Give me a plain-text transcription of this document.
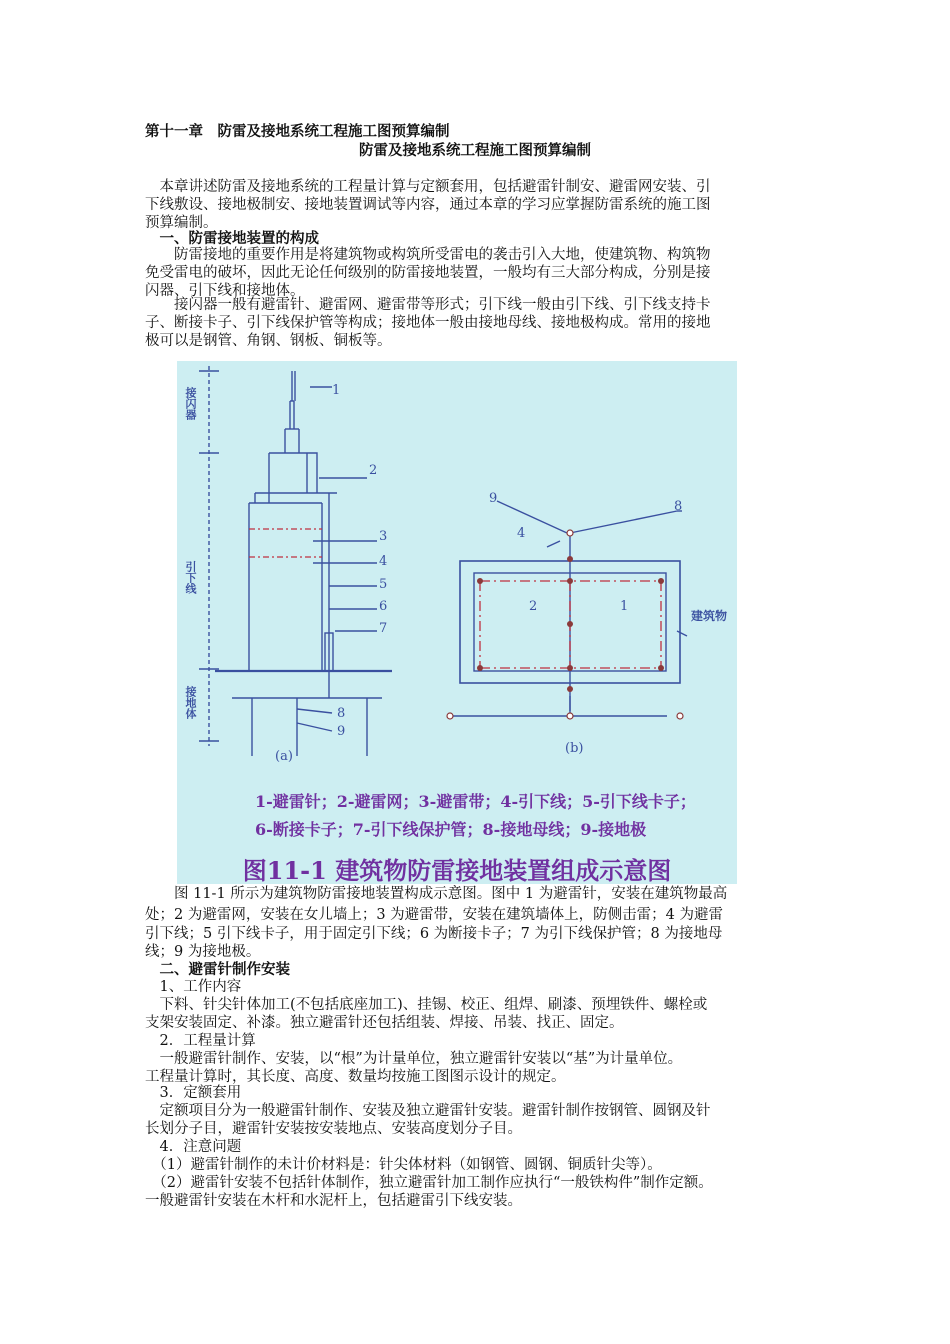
第十一章　防雷及接地系统工程施工图预算编制
防雷及接地系统工程施工图预算编制
　本章讲述防雷及接地系统的工程量计算与定额套用，包括避雷针制安、避雷网安装、引
下线敷设、接地极制安、接地装置调试等内容，通过本章的学习应掌握防雷系统的施工图
预算编制。
　一、防雷接地装置的构成
　　防雷接地的重要作用是将建筑物或构筑所受雷电的袭击引入大地，使建筑物、构筑物
免受雷电的破坏，因此无论任何级别的防雷接地装置，一般均有三大部分构成，分别是接
闪器、引下线和接地体。
　　接闪器一般有避雷针、避雷网、避雷带等形式；引下线一般由引下线、引下线支持卡
子、断接卡子、引下线保护管等构成；接地体一般由接地母线、接地极构成。常用的接地
极可以是钢管、角钢、钢板、铜板等。
接闪器
引下线
接地体
1
2
3
4
5
6
7
8
9
9
8
4
2	1
建筑物
(a)
(b)
1-避雷针；2-避雷网；3-避雷带；4-引下线；5-引下线卡子；
6-断接卡子；7-引下线保护管；8-接地母线；9-接地极
图11-1 建筑物防雷接地装置组成示意图
　　图 11-1 所示为建筑物防雷接地装置构成示意图。图中 1 为避雷针，安装在建筑物最高
处；2 为避雷网，安装在女儿墙上；3 为避雷带，安装在建筑墙体上，防侧击雷；4 为避雷
引下线；5 引下线卡子，用于固定引下线；6 为断接卡子；7 为引下线保护管；8 为接地母
线；9 为接地极。
　二、避雷针制作安装
　1、工作内容
　下料、针尖针体加工(不包括底座加工)、挂锡、校正、组焊、刷漆、预埋铁件、螺栓或
支架安装固定、补漆。独立避雷针还包括组装、焊接、吊装、找正、固定。
　2．工程量计算
　一般避雷针制作、安装，以“根”为计量单位，独立避雷针安装以“基”为计量单位。
工程量计算时，其长度、高度、数量均按施工图图示设计的规定。
　3．定额套用
　定额项目分为一般避雷针制作、安装及独立避雷针安装。避雷针制作按钢管、圆钢及针
长划分子目，避雷针安装按安装地点、安装高度划分子目。
　4．注意问题
　（1）避雷针制作的未计价材料是：针尖体材料（如钢管、圆钢、铜质针尖等）。
　（2）避雷针安装不包括针体制作，独立避雷针加工制作应执行“一般铁构件”制作定额。
一般避雷针安装在木杆和水泥杆上，包括避雷引下线安装。
